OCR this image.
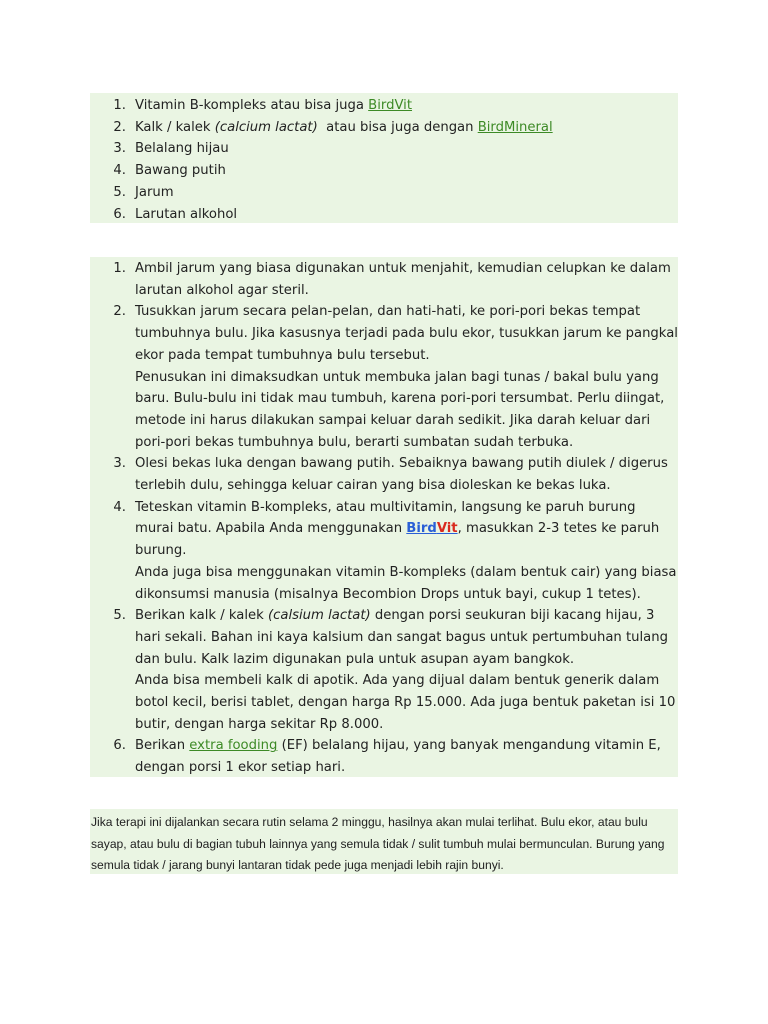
1. Vitamin B-kompleks atau bisa juga BirdVit
2. Kalk / kalek (calcium lactat)  atau bisa juga dengan BirdMineral
3. Belalang hijau
4. Bawang putih
5. Jarum
6. Larutan alkohol
1. Ambil jarum yang biasa digunakan untuk menjahit, kemudian celupkan ke dalam larutan alkohol agar steril.
2. Tusukkan jarum secara pelan-pelan, dan hati-hati, ke pori-pori bekas tempat tumbuhnya bulu. Jika kasusnya terjadi pada bulu ekor, tusukkan jarum ke pangkal ekor pada tempat tumbuhnya bulu tersebut.
Penusukan ini dimaksudkan untuk membuka jalan bagi tunas / bakal bulu yang baru. Bulu-bulu ini tidak mau tumbuh, karena pori-pori tersumbat. Perlu diingat, metode ini harus dilakukan sampai keluar darah sedikit. Jika darah keluar dari pori-pori bekas tumbuhnya bulu, berarti sumbatan sudah terbuka.
3. Olesi bekas luka dengan bawang putih. Sebaiknya bawang putih diulek / digerus terlebih dulu, sehingga keluar cairan yang bisa dioleskan ke bekas luka.
4. Teteskan vitamin B-kompleks, atau multivitamin, langsung ke paruh burung murai batu. Apabila Anda menggunakan BirdVit, masukkan 2-3 tetes ke paruh burung.
Anda juga bisa menggunakan vitamin B-kompleks (dalam bentuk cair) yang biasa dikonsumsi manusia (misalnya Becombion Drops untuk bayi, cukup 1 tetes).
5. Berikan kalk / kalek (calsium lactat) dengan porsi seukuran biji kacang hijau, 3 hari sekali. Bahan ini kaya kalsium dan sangat bagus untuk pertumbuhan tulang dan bulu. Kalk lazim digunakan pula untuk asupan ayam bangkok.
Anda bisa membeli kalk di apotik. Ada yang dijual dalam bentuk generik dalam botol kecil, berisi tablet, dengan harga Rp 15.000. Ada juga bentuk paketan isi 10 butir, dengan harga sekitar Rp 8.000.
6. Berikan extra fooding (EF) belalang hijau, yang banyak mengandung vitamin E, dengan porsi 1 ekor setiap hari.

Jika terapi ini dijalankan secara rutin selama 2 minggu, hasilnya akan mulai terlihat. Bulu ekor, atau bulu sayap, atau bulu di bagian tubuh lainnya yang semula tidak / sulit tumbuh mulai bermunculan. Burung yang semula tidak / jarang bunyi lantaran tidak pede juga menjadi lebih rajin bunyi.
